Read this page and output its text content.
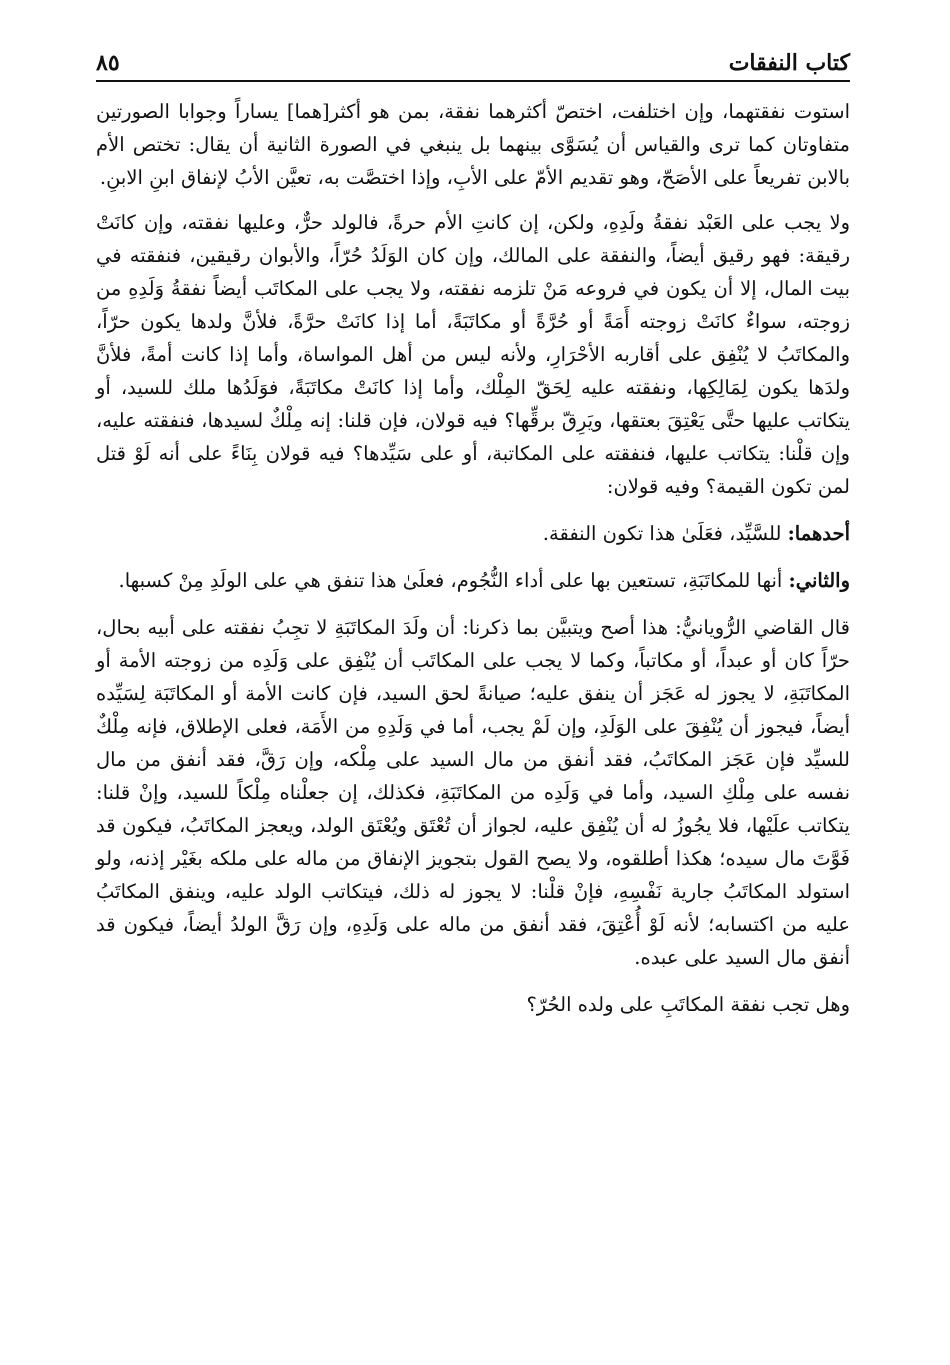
كتاب النفقات
٨٥

استوت نفقتهما، وإن اختلفت، اختصّ أكثرهما نفقة، بمن هو أكثر[هما] يساراً وجوابا الصورتين متفاوتان كما ترى والقياس أن يُسَوَّى بينهما بل ينبغي في الصورة الثانية أن يقال: تختص الأم بالابن تفريعاً على الأصَحّ، وهو تقديم الأمّ على الأبِ، وإذا اختصَّت به، تعيَّن الأبُ لإنفاق ابنِ الابنِ.

ولا يجب على العَبْد نفقةُ ولَدِهِ، ولكن، إن كانتِ الأم حرةً، فالولد حرٌّ، وعليها نفقته، وإن كانَتْ رقيقة: فهو رقيق أيضاً، والنفقة على المالك، وإن كان الوَلَدُ حُرّاً، والأبوان رقيقين، فنفقته في بيت المال، إلا أن يكون في فروعه مَنْ تلزمه نفقته، ولا يجب على المكاتَب أيضاً نفقةُ وَلَدِهِ من زوجته، سواءٌ كانَتْ زوجته أَمَةً أو حُرَّةً أو مكاتَبَةً، أما إذا كانَتْ حرَّةً، فلأنَّ ولدها يكون حرّاً، والمكاتَبُ لا يُنْفِق على أقاربه الأحْرَارِ، ولأنه ليس من أهل المواساة، وأما إذا كانت أمةً، فلأنَّ ولدَها يكون لِمَالِكِها، ونفقته عليه لِحَقّ المِلْك، وأما إذا كانَتْ مكاتَبَةً، فوَلَدُها ملك للسيد، أو يتكاتب عليها حتَّى يَعْتِقَ بعتقها، ويَرِقّ برقِّها؟ فيه قولان، فإن قلنا: إنه مِلْكٌ لسيدها، فنفقته عليه، وإن قلْنا: يتكاتب عليها، فنفقته على المكاتبة، أو على سَيِّدها؟ فيه قولان بِنَاءً على أنه لَوْ قتل لمن تكون القيمة؟ وفيه قولان:

أحدهما: للسَّيِّد، فعَلَىٰ هذا تكون النفقة.

والثاني: أنها للمكاتَبَةِ، تستعين بها على أداء النُّجُوم، فعلَىٰ هذا تنفق هي على الولَدِ مِنْ كسبها.

قال القاضي الرُّويانيُّ: هذا أصح ويتبيَّن بما ذكرنا: أن ولَدَ المكاتَبَةِ لا تجِبُ نفقته على أبيه بحال، حرّاً كان أو عبداً، أو مكاتباً، وكما لا يجب على المكاتَب أن يُنْفِق على وَلَدِه من زوجته الأمة أو المكاتَبَةِ، لا يجوز له عَجَز أن ينفق عليه؛ صيانةً لحق السيد، فإن كانت الأمة أو المكاتَبَة لِسَيِّده أيضاً، فيجوز أن يُنْفِقَ على الوَلَدِ، وإن لَمْ يجب، أما في وَلَدِهِ من الأَمَة، فعلى الإطلاق، فإنه مِلْكٌ للسيِّد فإن عَجَز المكاتَبُ، فقد أنفق من مال السيد على مِلْكه، وإن رَقَّ، فقد أنفق من مال نفسه على مِلْكِ السيد، وأما في وَلَدِه من المكاتَبَةِ، فكذلك، إن جعلْناه مِلْكاً للسيد، وإنْ قلنا: يتكاتب علَيْها، فلا يجُوزُ له أن يُنْفِق عليه، لجواز أن تُعْتَق ويُعْتَق الولد، ويعجز المكاتَبُ، فيكون قد فَوَّتَ مال سيده؛ هكذا أطلقوه، ولا يصح القول بتجويز الإنفاق من ماله على ملكه بغَيْر إذنه، ولو استولد المكاتَبُ جارية نَفْسِهِ، فإنْ قلْنا: لا يجوز له ذلك، فيتكاتب الولد عليه، وينفق المكاتَبُ عليه من اكتسابه؛ لأنه لَوْ أُعْتِقَ، فقد أنفق من ماله على وَلَدِهِ، وإن رَقَّ الولدُ أيضاً، فيكون قد أنفق مال السيد على عبده.

وهل تجب نفقة المكاتَبِ على ولده الحُرّ؟
